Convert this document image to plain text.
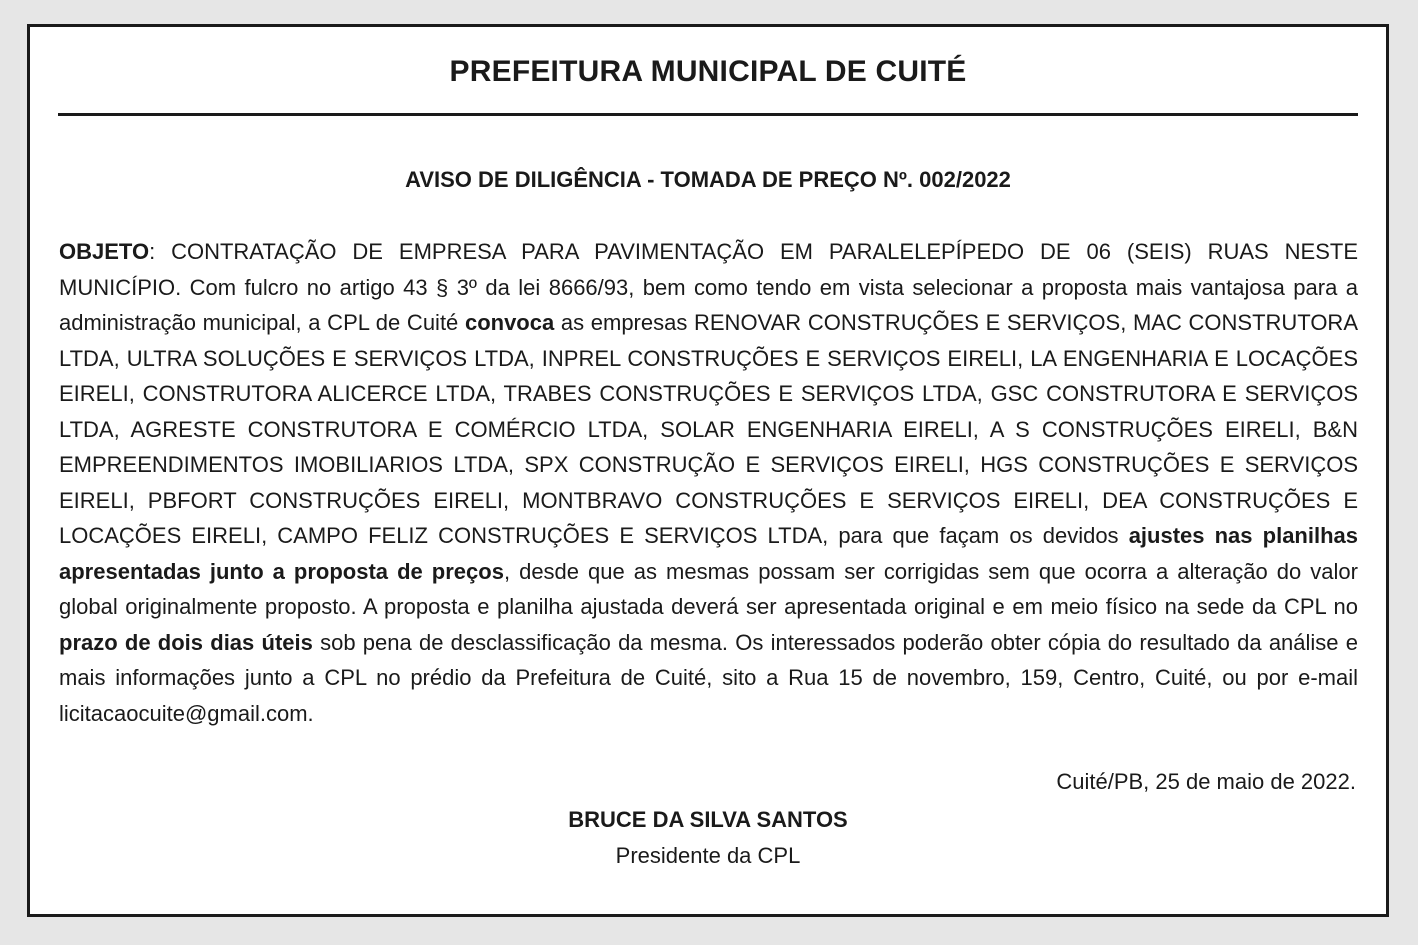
PREFEITURA MUNICIPAL DE CUITÉ
AVISO DE DILIGÊNCIA - TOMADA DE PREÇO Nº. 002/2022

OBJETO: CONTRATAÇÃO DE EMPRESA PARA PAVIMENTAÇÃO EM PARALELEPÍPEDO DE 06 (SEIS) RUAS NESTE MUNICÍPIO. Com fulcro no artigo 43 § 3º da lei 8666/93, bem como tendo em vista selecionar a proposta mais vantajosa para a administração municipal, a CPL de Cuité convoca as empresas RENOVAR CONSTRUÇÕES E SERVIÇOS, MAC CONSTRUTORA LTDA, ULTRA SOLUÇÕES E SERVIÇOS LTDA, INPREL CONSTRUÇÕES E SERVIÇOS EIRELI, LA ENGENHARIA E LOCAÇÕES EIRELI, CONSTRUTORA ALICERCE LTDA, TRABES CONSTRUÇÕES E SERVIÇOS LTDA, GSC CONSTRUTORA E SERVIÇOS LTDA, AGRESTE CONSTRUTORA E COMÉRCIO LTDA, SOLAR ENGENHARIA EIRELI, A S CONSTRUÇÕES EIRELI, B&N EMPREENDIMENTOS IMOBILIARIOS LTDA, SPX CONSTRUÇÃO E SERVIÇOS EIRELI, HGS CONSTRUÇÕES E SERVIÇOS EIRELI, PBFORT CONSTRUÇÕES EIRELI, MONTBRAVO CONSTRUÇÕES E SERVIÇOS EIRELI, DEA CONSTRUÇÕES E LOCAÇÕES EIRELI, CAMPO FELIZ CONSTRUÇÕES E SERVIÇOS LTDA, para que façam os devidos ajustes nas planilhas apresentadas junto a proposta de preços, desde que as mesmas possam ser corrigidas sem que ocorra a alteração do valor global originalmente proposto. A proposta e planilha ajustada deverá ser apresentada original e em meio físico na sede da CPL no prazo de dois dias úteis sob pena de desclassificação da mesma. Os interessados poderão obter cópia do resultado da análise e mais informações junto a CPL no prédio da Prefeitura de Cuité, sito a Rua 15 de novembro, 159, Centro, Cuité, ou por e-mail licitacaocuite@gmail.com.

Cuité/PB, 25 de maio de 2022.

BRUCE DA SILVA SANTOS

Presidente da CPL
